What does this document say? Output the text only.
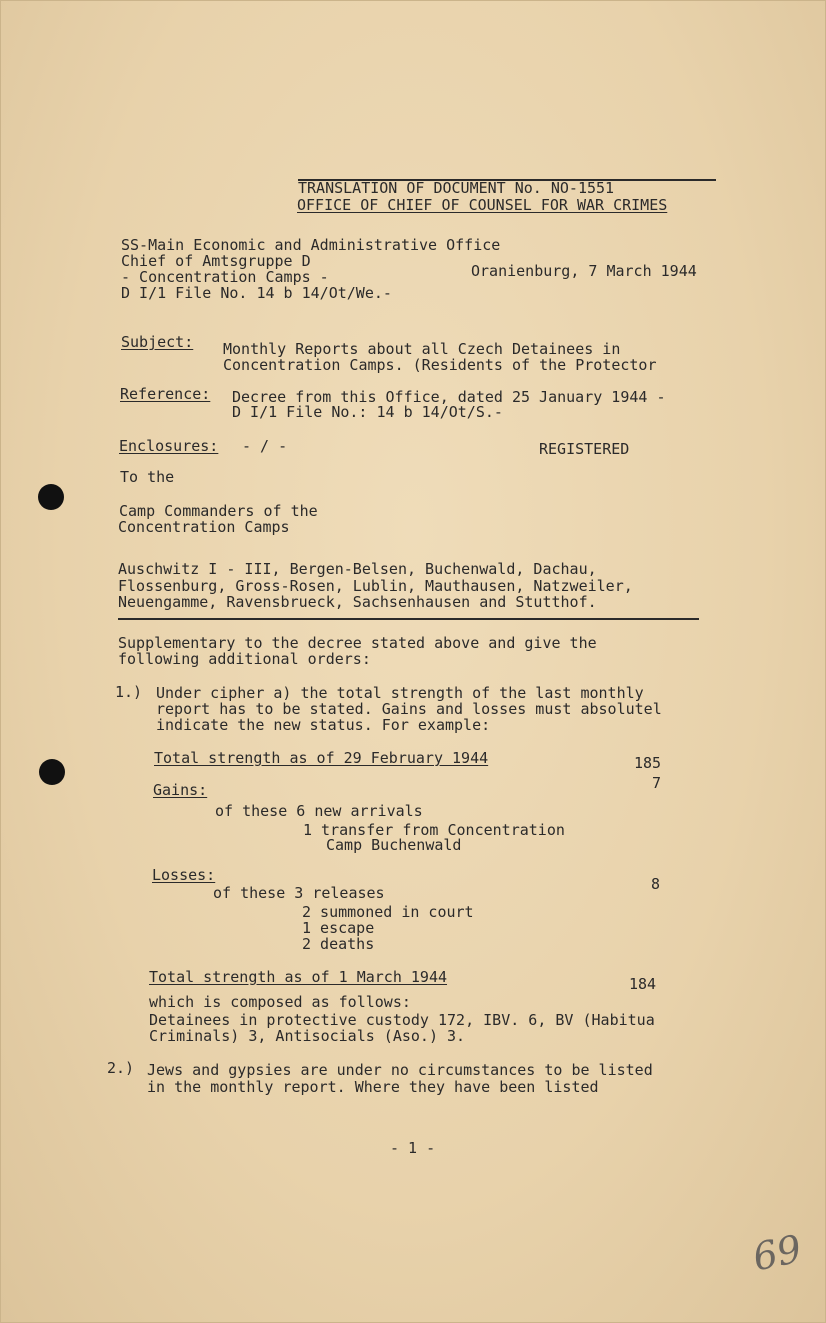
TRANSLATION OF DOCUMENT No. NO-1551
OFFICE OF CHIEF OF COUNSEL FOR WAR CRIMES
SS-Main Economic and Administrative Office
Chief of Amtsgruppe D
- Concentration Camps -
D I/1 File No. 14 b 14/Ot/We.-
Oranienburg, 7 March 1944
Subject: Monthly Reports about all Czech Detainees in
Concentration Camps. (Residents of the Protector
Reference: Decree from this Office, dated 25 January 1944 -
D I/1 File No.: 14 b 14/Ot/S.-
Enclosures: - / -	REGISTERED
To the
Camp Commanders of the
Concentration Camps
Auschwitz I - III, Bergen-Belsen, Buchenwald, Dachau,
Flossenburg, Gross-Rosen, Lublin, Mauthausen, Natzweiler,
Neuengamme, Ravensbrueck, Sachsenhausen and Stutthof.
Supplementary to the decree stated above and give the
following additional orders:
1.) Under cipher a) the total strength of the last monthly
report has to be stated. Gains and losses must absolutel
indicate the new status. For example:
Total strength as of 29 February 1944	185
Gains:	7
of these 6 new arrivals
1 transfer from Concentration
Camp Buchenwald
Losses:	8
of these 3 releases
2 summoned in court
1 escape
2 deaths
Total strength as of 1 March 1944	184
which is composed as follows:
Detainees in protective custody 172, IBV. 6, BV (Habitua
Criminals) 3, Antisocials (Aso.) 3.
2.) Jews and gypsies are under no circumstances to be listed
in the monthly report. Where they have been listed
- 1 -
69
